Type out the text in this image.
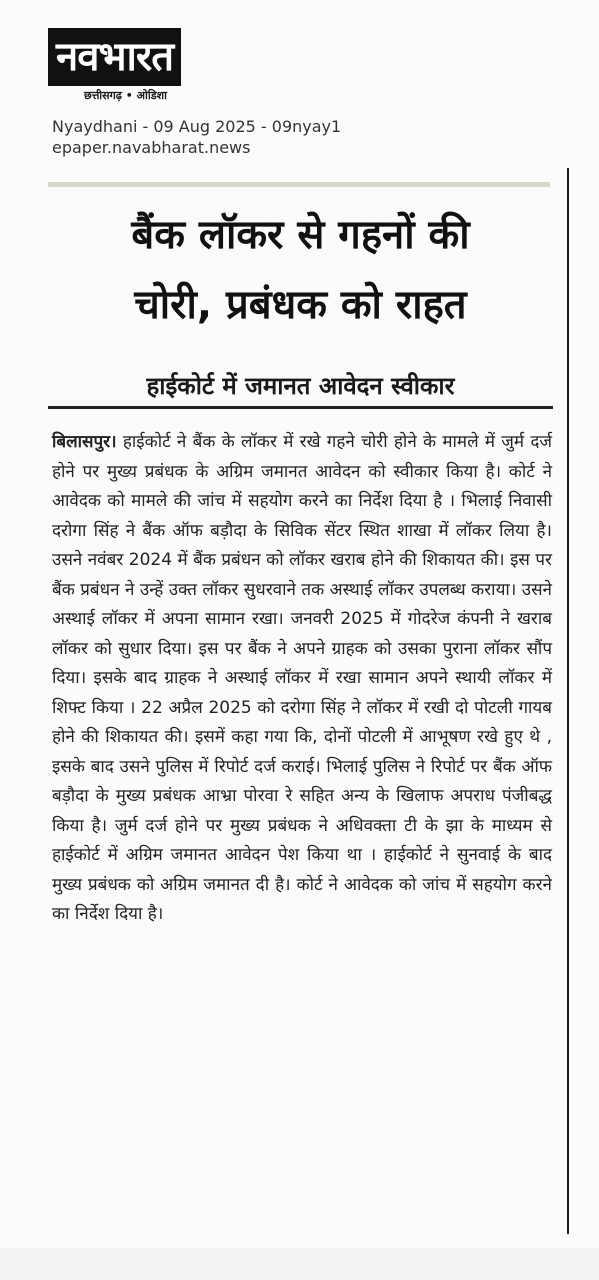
नवभारत
छत्तीसगढ़ • ओडिशा
Nyaydhani - 09 Aug 2025 - 09nyay1
epaper.navabharat.news
बैंक लॉकर से गहनों की
चोरी, प्रबंधक को राहत
हाईकोर्ट में जमानत आवेदन स्वीकार
बिलासपुर। हाईकोर्ट ने बैंक के लॉकर में रखे गहने चोरी होने के मामले में जुर्म दर्ज होने पर मुख्य प्रबंधक के अग्रिम जमानत आवेदन को स्वीकार किया है। कोर्ट ने आवेदक को मामले की जांच में सहयोग करने का निर्देश दिया है । भिलाई निवासी दरोगा सिंह ने बैंक ऑफ बड़ौदा के सिविक सेंटर स्थित शाखा में लॉकर लिया है। उसने नवंबर 2024 में बैंक प्रबंधन को लॉकर खराब होने की शिकायत की। इस पर बैंक प्रबंधन ने उन्हें उक्त लॉकर सुधरवाने तक अस्थाई लॉकर उपलब्ध कराया। उसने अस्थाई लॉकर में अपना सामान रखा। जनवरी 2025 में गोदरेज कंपनी ने खराब लॉकर को सुधार दिया। इस पर बैंक ने अपने ग्राहक को उसका पुराना लॉकर सौंप दिया। इसके बाद ग्राहक ने अस्थाई लॉकर में रखा सामान अपने स्थायी लॉकर में शिफ्ट किया । 22 अप्रैल 2025 को दरोगा सिंह ने लॉकर में रखी दो पोटली गायब होने की शिकायत की। इसमें कहा गया कि, दोनों पोटली में आभूषण रखे हुए थे , इसके बाद उसने पुलिस में रिपोर्ट दर्ज कराई। भिलाई पुलिस ने रिपोर्ट पर बैंक ऑफ बड़ौदा के मुख्य प्रबंधक आभ्रा पोरवा रे सहित अन्य के खिलाफ अपराध पंजीबद्ध किया है। जुर्म दर्ज होने पर मुख्य प्रबंधक ने अधिवक्ता टी के झा के माध्यम से हाईकोर्ट में अग्रिम जमानत आवेदन पेश किया था । हाईकोर्ट ने सुनवाई के बाद मुख्य प्रबंधक को अग्रिम जमानत दी है। कोर्ट ने आवेदक को जांच में सहयोग करने का निर्देश दिया है।
